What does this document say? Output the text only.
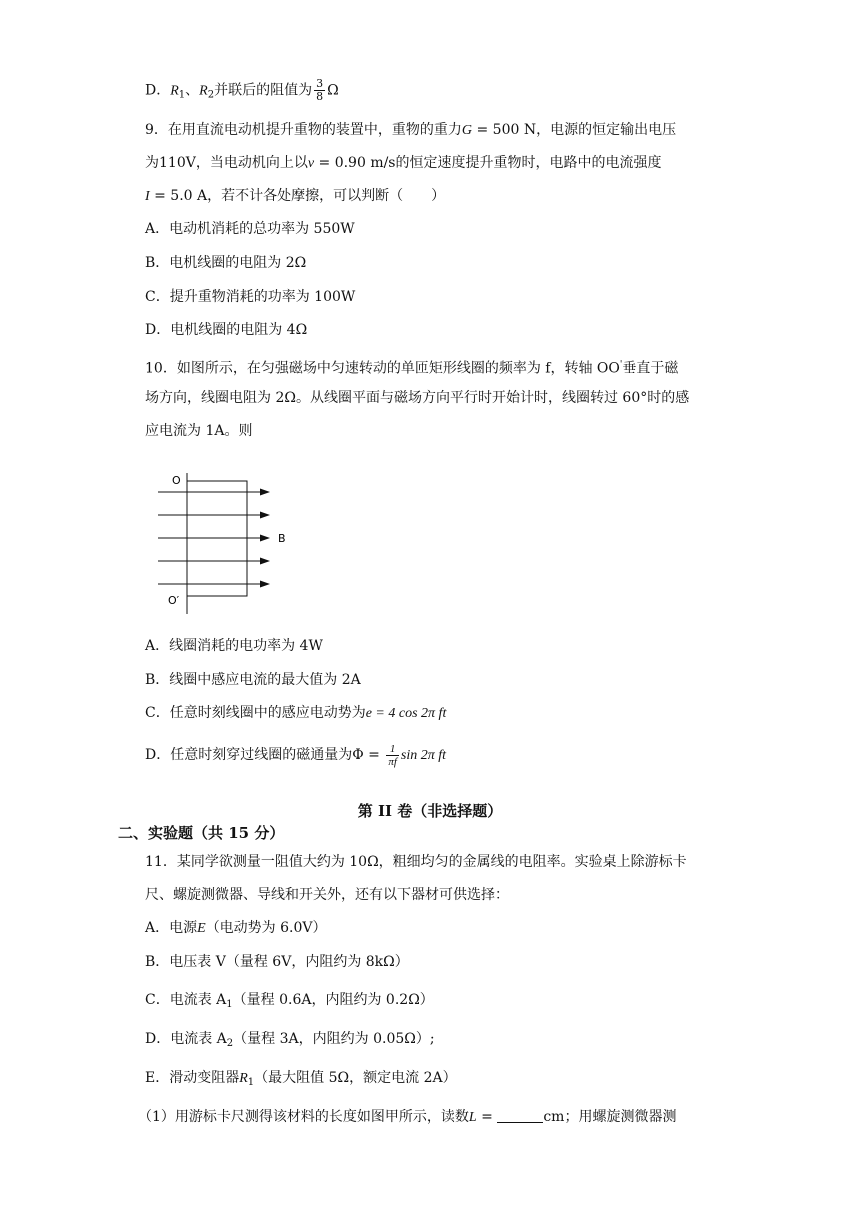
D．$R_1$、$R_2$并联后的阻值为 $\frac{3}{8}$ Ω
9．在用直流电动机提升重物的装置中，重物的重力G = 500 N，电源的恒定输出电压
为110V，当电动机向上以v = 0.90 m/s的恒定速度提升重物时，电路中的电流强度
I = 5.0 A，若不计各处摩擦，可以判断（　　）
A．电动机消耗的总功率为 550W
B．电机线圈的电阻为 2Ω
C．提升重物消耗的功率为 100W
D．电机线圈的电阻为 4Ω
10．如图所示，在匀强磁场中匀速转动的单匝矩形线圈的频率为 f，转轴 OO'垂直于磁
场方向，线圈电阻为 2Ω。从线圈平面与磁场方向平行时开始计时，线圈转过 60°时的感
应电流为 1A。则
O
O′
B
A．线圈消耗的电功率为 4W
B．线圈中感应电流的最大值为 2A
C．任意时刻线圈中的感应电动势为e = 4 cos 2π ft
D．任意时刻穿过线圈的磁通量为$\Phi = \frac{1}{\pi f}$ sin 2π ft
第 II 卷（非选择题）
二、实验题（共 15 分）
11．某同学欲测量一阻值大约为 10Ω，粗细均匀的金属线的电阻率。实验桌上除游标卡
尺、螺旋测微器、导线和开关外，还有以下器材可供选择：
A．电源E（电动势为 6.0V）
B．电压表 V（量程 6V，内阻约为 8kΩ）
C．电流表 $A_1$（量程 0.6A，内阻约为 0.2Ω）
D．电流表 $A_2$（量程 3A，内阻约为 0.05Ω）;
E．滑动变阻器$R_1$（最大阻值 5Ω，额定电流 2A）
（1）用游标卡尺测得该材料的长度如图甲所示，读数L =	cm；用螺旋测微器测
